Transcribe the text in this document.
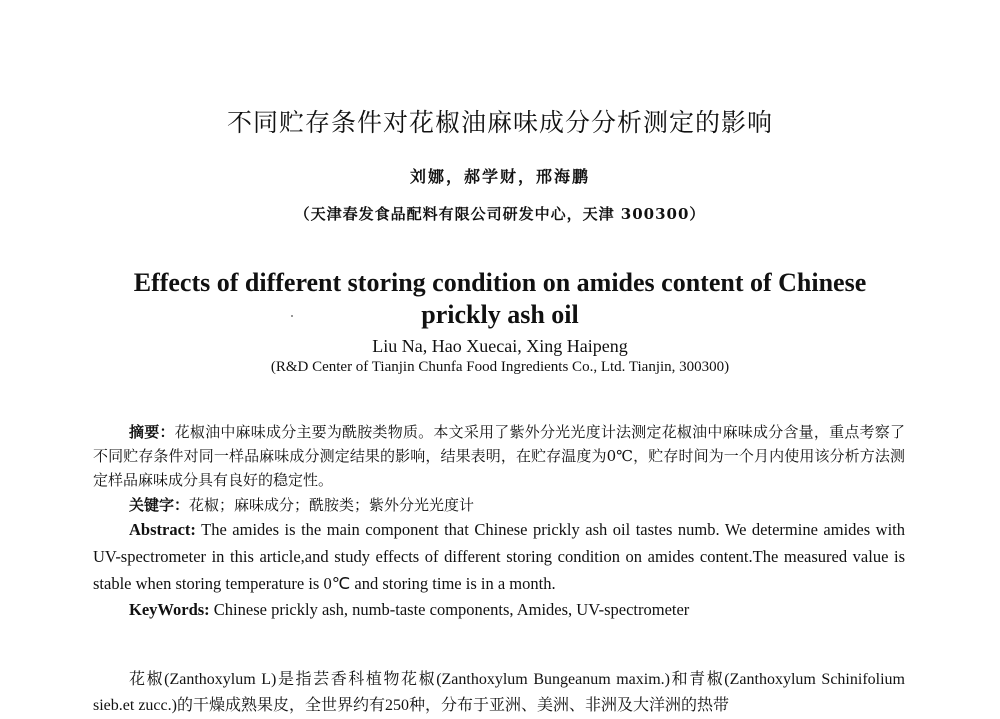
不同贮存条件对花椒油麻味成分分析测定的影响
刘娜，郝学财，邢海鹏
（天津春发食品配料有限公司研发中心，天津 300300）
Effects of different storing condition on amides content of Chinese
prickly ash oil
Liu Na, Hao Xuecai, Xing Haipeng
(R&D Center of Tianjin Chunfa Food Ingredients Co., Ltd. Tianjin, 300300)
摘要：花椒油中麻味成分主要为酰胺类物质。本文采用了紫外分光光度计法测定花椒油中麻味成分含量，重点考察了不同贮存条件对同一样品麻味成分测定结果的影响，结果表明，在贮存温度为0℃，贮存时间为一个月内使用该分析方法测定样品麻味成分具有良好的稳定性。
关键字：花椒；麻味成分；酰胺类；紫外分光光度计
Abstract: The amides is the main component that Chinese prickly ash oil tastes numb. We determine amides with UV-spectrometer in this article,and study effects of different storing condition on amides content.The measured value is stable when storing temperature is 0℃ and storing time is in a month.
KeyWords: Chinese prickly ash, numb-taste components, Amides, UV-spectrometer
花椒(Zanthoxylum L)是指芸香科植物花椒(Zanthoxylum Bungeanum maxim.)和青椒(Zanthoxylum Schinifolium sieb.et zucc.)的干燥成熟果皮，全世界约有250种，分布于亚洲、美洲、非洲及大洋洲的热带
